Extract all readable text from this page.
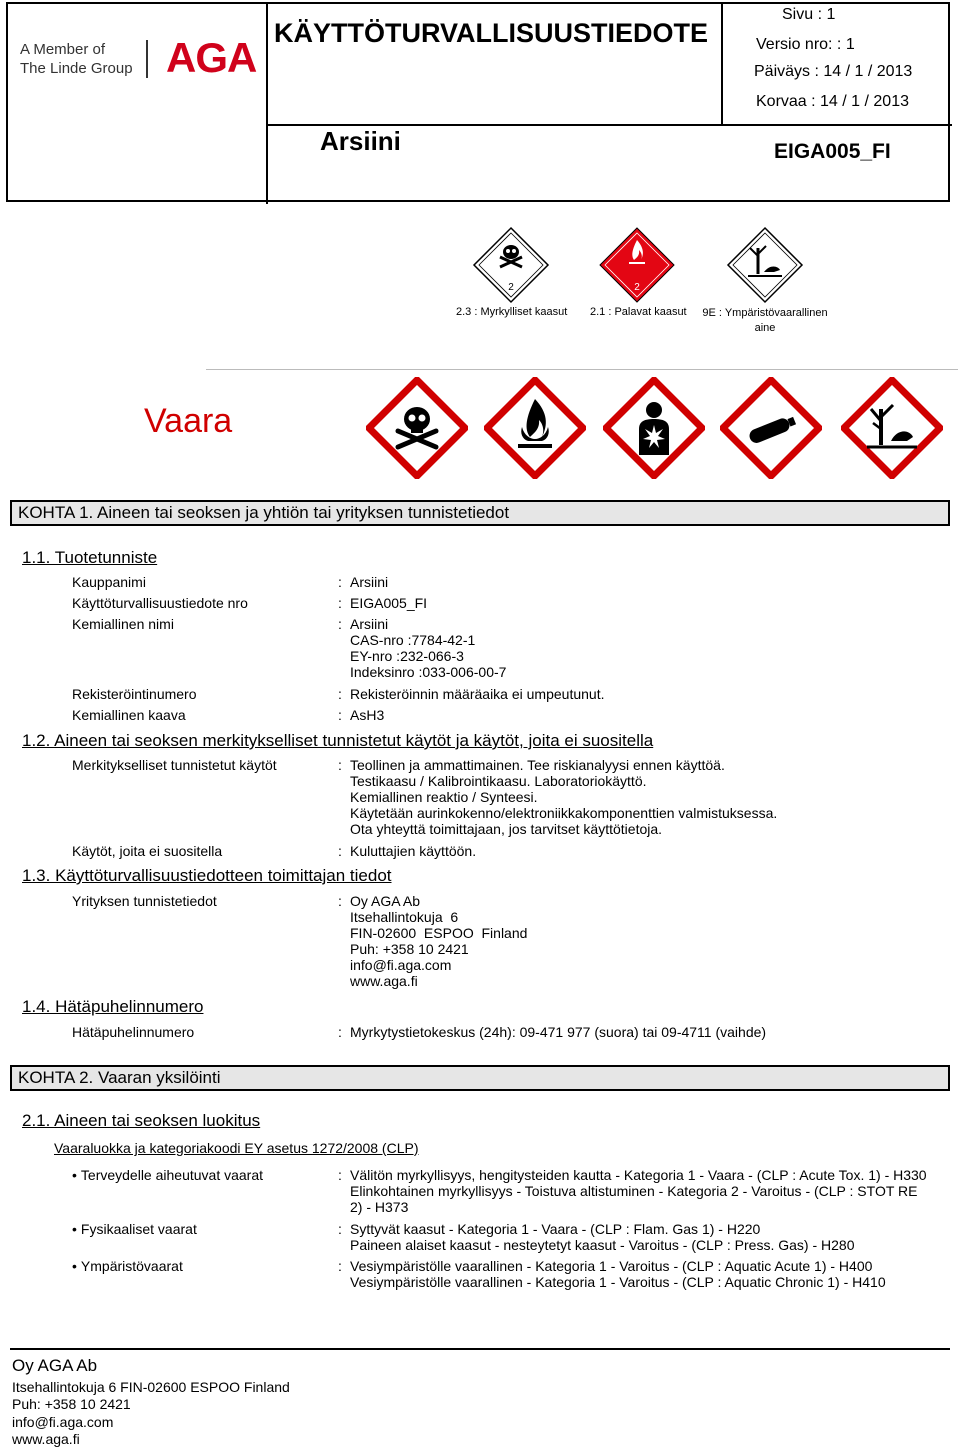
A Member of
The Linde Group AGA
KÄYTTÖTURVALLISUUSTIEDOTE
Arsiini
Sivu : 1
Versio nro: : 1
Päiväys : 14 / 1 / 2013
Korvaa : 14 / 1 / 2013
EIGA005_FI
2	2
2.3 : Myrkylliset kaasut 2.1 : Palavat kaasut 9E : Ympäristövaarallinen aine
Vaara
KOHTA 1. Aineen tai seoksen ja yhtiön tai yrityksen tunnistetiedot
1.1. Tuotetunniste
Kauppanimi	: Arsiini
Käyttöturvallisuustiedote nro	: EIGA005_FI
Kemiallinen nimi	: Arsiini
CAS-nro :7784-42-1
EY-nro :232-066-3
Indeksinro :033-006-00-7
Rekisteröintinumero	: Rekisteröinnin määräaika ei umpeutunut.
Kemiallinen kaava	: AsH3
1.2. Aineen tai seoksen merkitykselliset tunnistetut käytöt ja käytöt, joita ei suositella
Merkitykselliset tunnistetut käytöt	: Teollinen ja ammattimainen. Tee riskianalyysi ennen käyttöä.
Testikaasu / Kalibrointikaasu. Laboratoriokäyttö.
Kemiallinen reaktio / Synteesi.
Käytetään aurinkokenno/elektroniikkakomponenttien valmistuksessa.
Ota yhteyttä toimittajaan, jos tarvitset käyttötietoja.
Käytöt, joita ei suositella	: Kuluttajien käyttöön.
1.3. Käyttöturvallisuustiedotteen toimittajan tiedot
Yrityksen tunnistetiedot	: Oy AGA Ab
Itsehallintokuja  6
FIN-02600  ESPOO  Finland
Puh: +358 10 2421
info@fi.aga.com
www.aga.fi
1.4. Hätäpuhelinnumero
Hätäpuhelinnumero	: Myrkytystietokeskus (24h): 09-471 977 (suora) tai 09-4711 (vaihde)
KOHTA 2. Vaaran yksilöinti
2.1. Aineen tai seoksen luokitus
Vaaraluokka ja kategoriakoodi EY asetus 1272/2008 (CLP)
• Terveydelle aiheutuvat vaarat	: Välitön myrkyllisyys, hengitysteiden kautta - Kategoria 1 - Vaara - (CLP : Acute Tox. 1) - H330
Elinkohtainen myrkyllisyys - Toistuva altistuminen - Kategoria 2 - Varoitus - (CLP : STOT RE
2) - H373
• Fysikaaliset vaarat	: Syttyvät kaasut - Kategoria 1 - Vaara - (CLP : Flam. Gas 1) - H220
Paineen alaiset kaasut - nesteytetyt kaasut - Varoitus - (CLP : Press. Gas) - H280
• Ympäristövaarat	: Vesiympäristölle vaarallinen - Kategoria 1 - Varoitus - (CLP : Aquatic Acute 1) - H400
Vesiympäristölle vaarallinen - Kategoria 1 - Varoitus - (CLP : Aquatic Chronic 1) - H410
Oy AGA Ab
Itsehallintokuja 6 FIN-02600 ESPOO Finland
Puh: +358 10 2421
info@fi.aga.com
www.aga.fi
